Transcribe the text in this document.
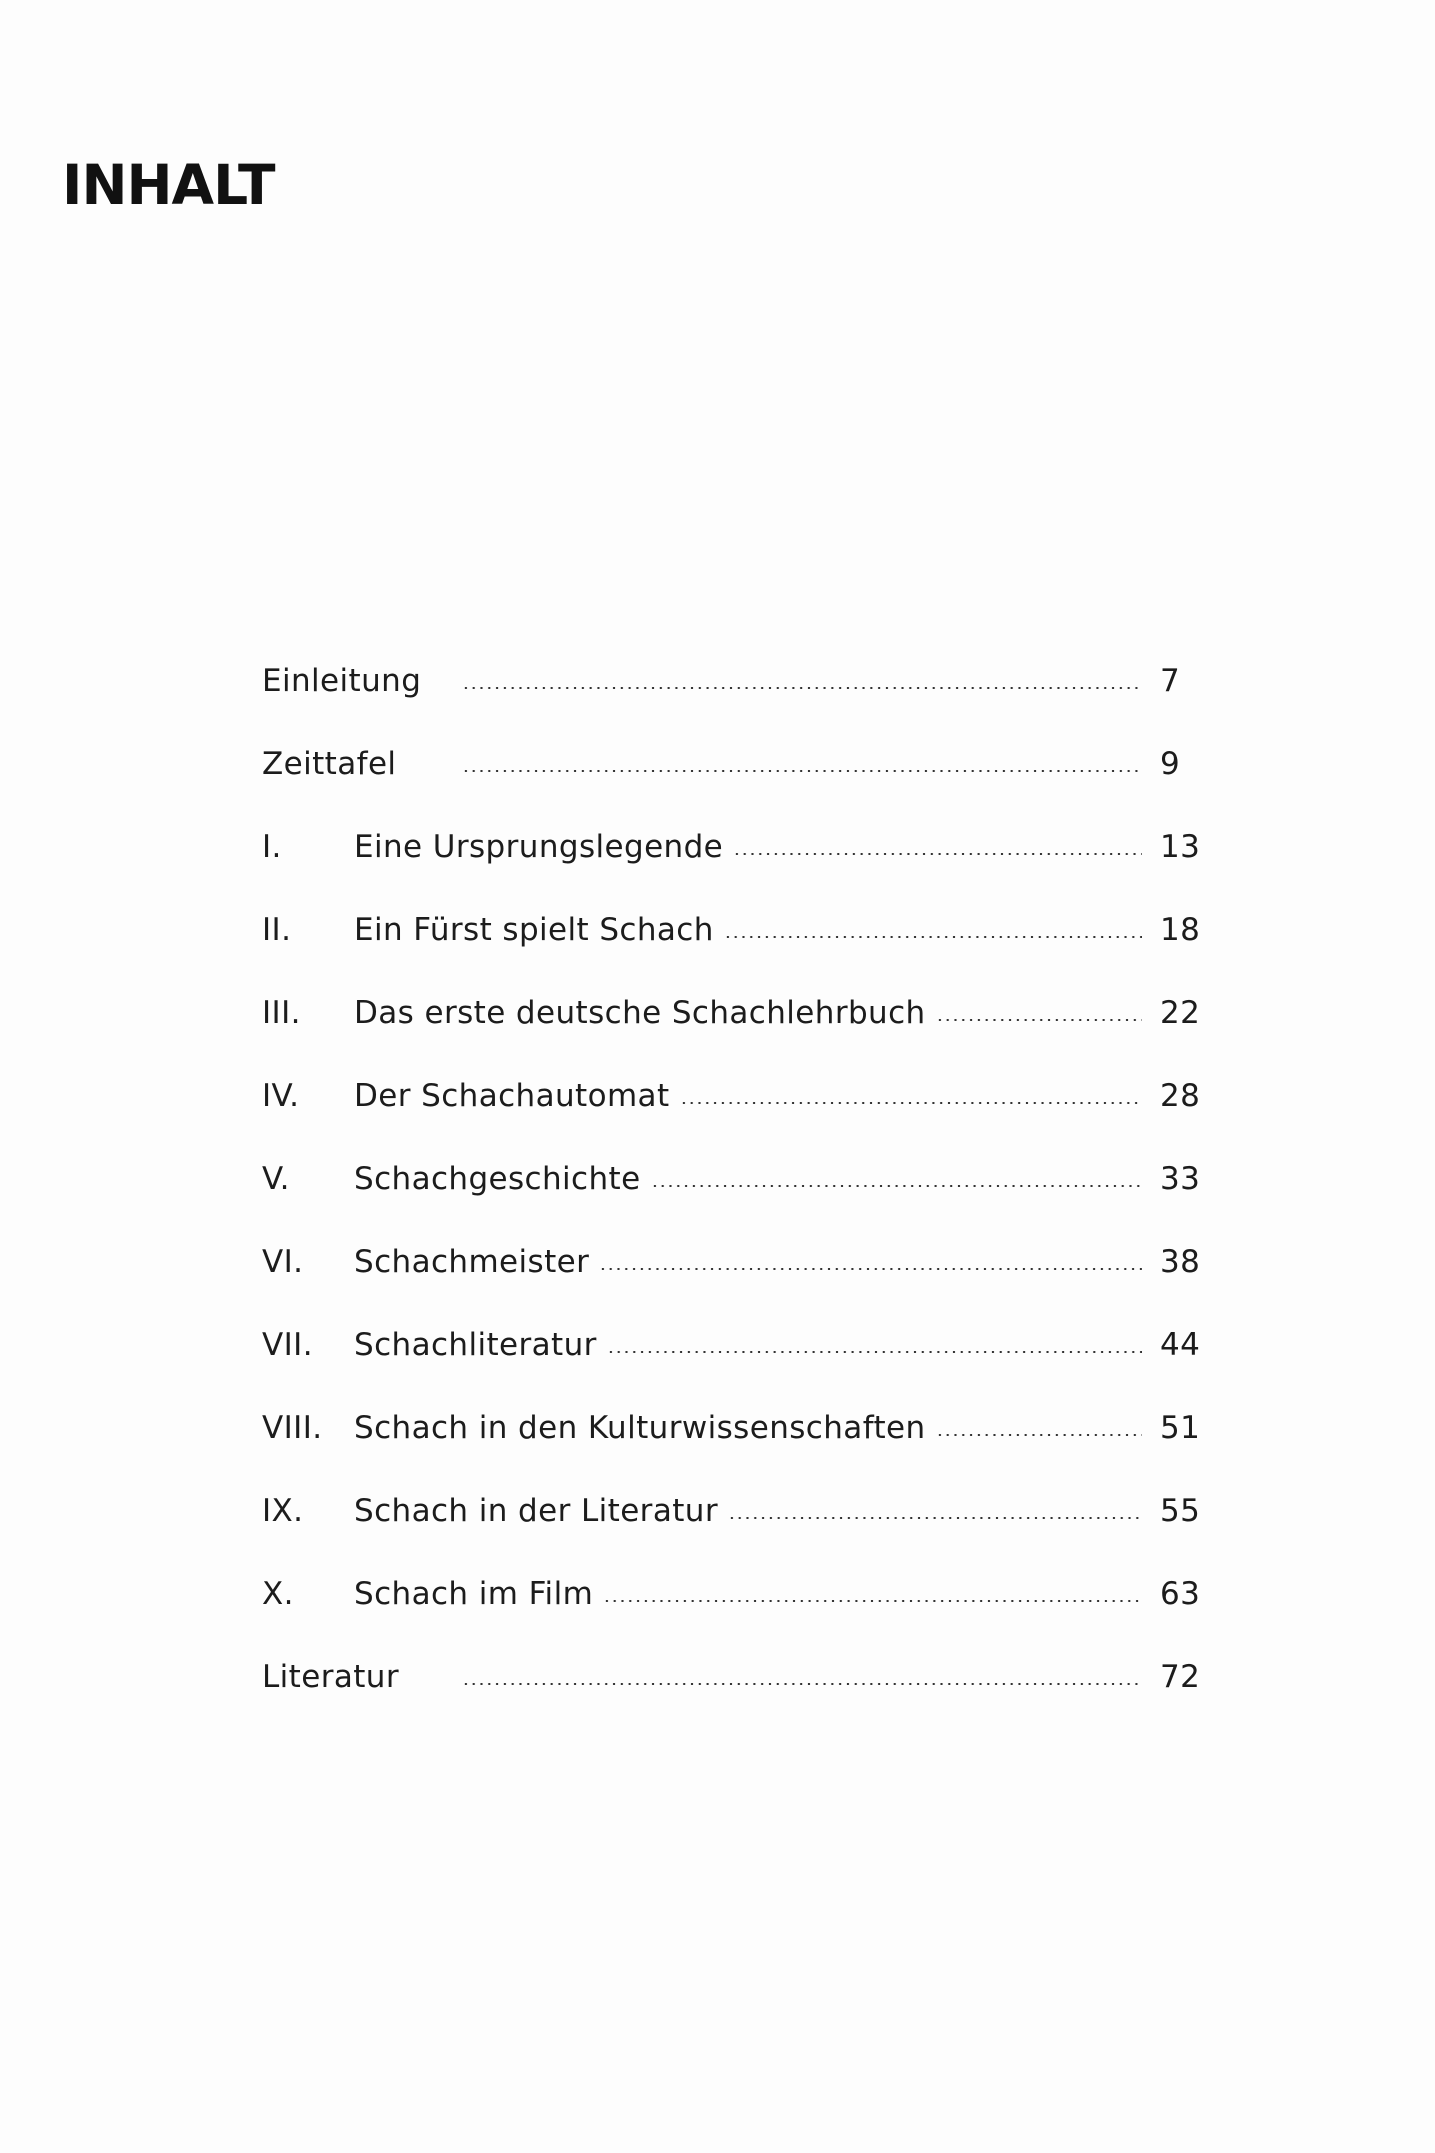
INHALT
Einleitung	7
Zeittafel	9
I.	Eine Ursprungslegende	13
II.	Ein Fürst spielt Schach	18
III.	Das erste deutsche Schachlehrbuch	22
IV.	Der Schachautomat	28
V.	Schachgeschichte	33
VI.	Schachmeister	38
VII.	Schachliteratur	44
VIII.	Schach in den Kulturwissenschaften	51
IX.	Schach in der Literatur	55
X.	Schach im Film	63
Literatur	72
